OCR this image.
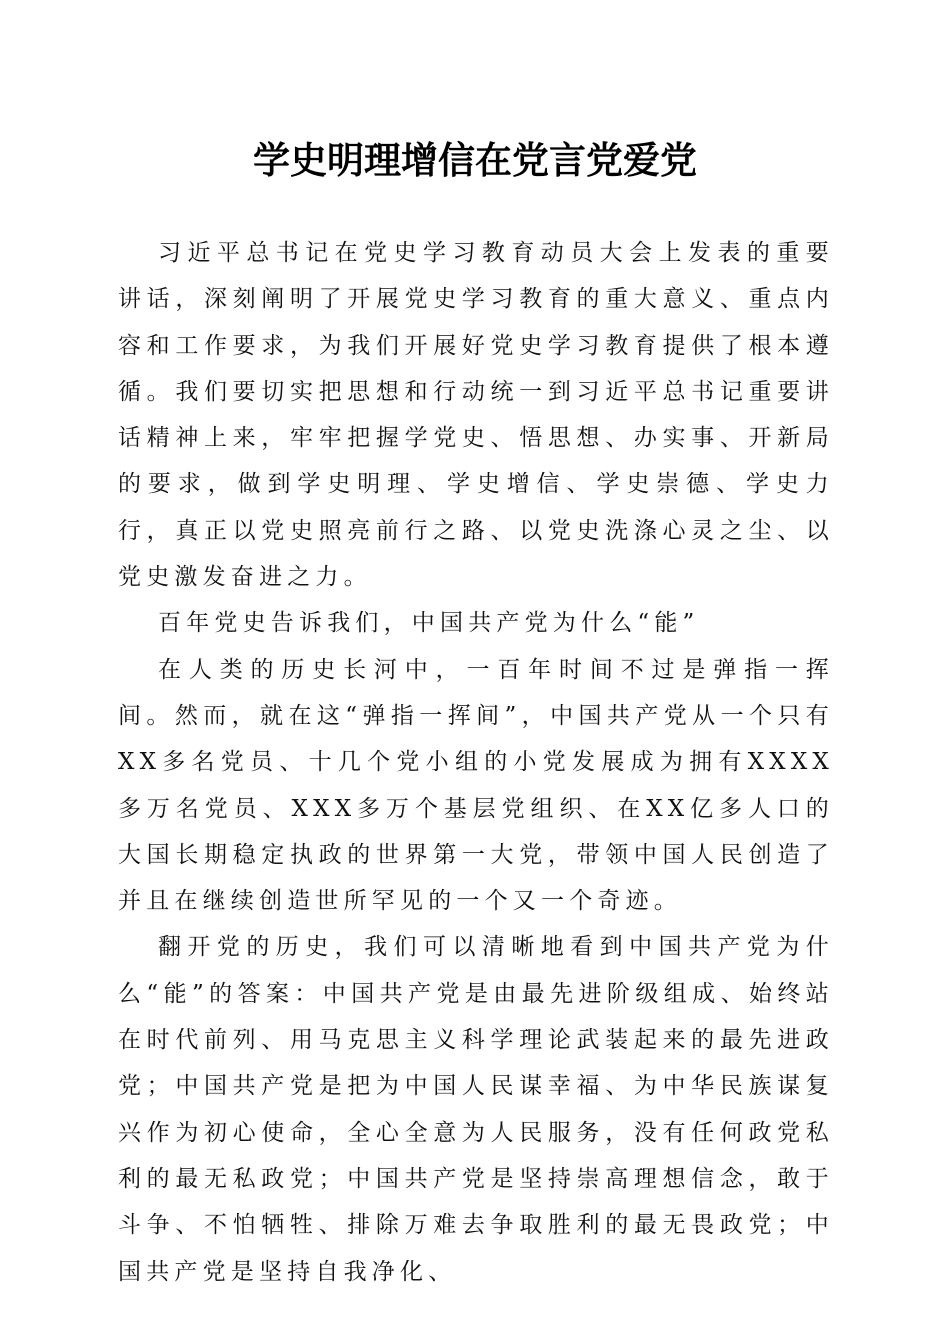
学史明理增信在党言党爱党

习近平总书记在党史学习教育动员大会上发表的重要讲话，深刻阐明了开展党史学习教育的重大意义、重点内容和工作要求，为我们开展好党史学习教育提供了根本遵循。我们要切实把思想和行动统一到习近平总书记重要讲话精神上来，牢牢把握学党史、悟思想、办实事、开新局的要求，做到学史明理、学史增信、学史崇德、学史力行，真正以党史照亮前行之路、以党史洗涤心灵之尘、以党史激发奋进之力。

百年党史告诉我们，中国共产党为什么“能”

在人类的历史长河中，一百年时间不过是弹指一挥间。然而，就在这“弹指一挥间”，中国共产党从一个只有XX多名党员、十几个党小组的小党发展成为拥有XXXX多万名党员、XXX多万个基层党组织、在XX亿多人口的大国长期稳定执政的世界第一大党，带领中国人民创造了并且在继续创造世所罕见的一个又一个奇迹。

翻开党的历史，我们可以清晰地看到中国共产党为什么“能”的答案：中国共产党是由最先进阶级组成、始终站在时代前列、用马克思主义科学理论武装起来的最先进政党；中国共产党是把为中国人民谋幸福、为中华民族谋复兴作为初心使命，全心全意为人民服务，没有任何政党私利的最无私政党；中国共产党是坚持崇高理想信念，敢于斗争、不怕牺牲、排除万难去争取胜利的最无畏政党；中国共产党是坚持自我净化、
